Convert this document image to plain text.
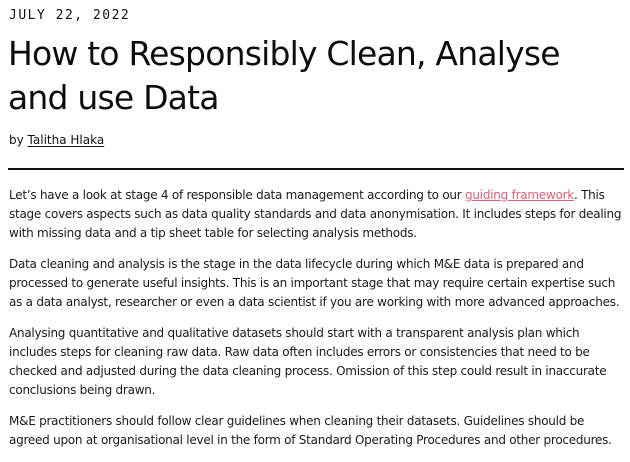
JULY 22, 2022
How to Responsibly Clean, Analyse and use Data
by Talitha Hlaka

Let’s have a look at stage 4 of responsible data management according to our guiding framework. This stage covers aspects such as data quality standards and data anonymisation. It includes steps for dealing with missing data and a tip sheet table for selecting analysis methods.

Data cleaning and analysis is the stage in the data lifecycle during which M&E data is prepared and processed to generate useful insights. This is an important stage that may require certain expertise such as a data analyst, researcher or even a data scientist if you are working with more advanced approaches.

Analysing quantitative and qualitative datasets should start with a transparent analysis plan which includes steps for cleaning raw data. Raw data often includes errors or consistencies that need to be checked and adjusted during the data cleaning process. Omission of this step could result in inaccurate conclusions being drawn.

M&E practitioners should follow clear guidelines when cleaning their datasets. Guidelines should be agreed upon at organisational level in the form of Standard Operating Procedures and other procedures.
